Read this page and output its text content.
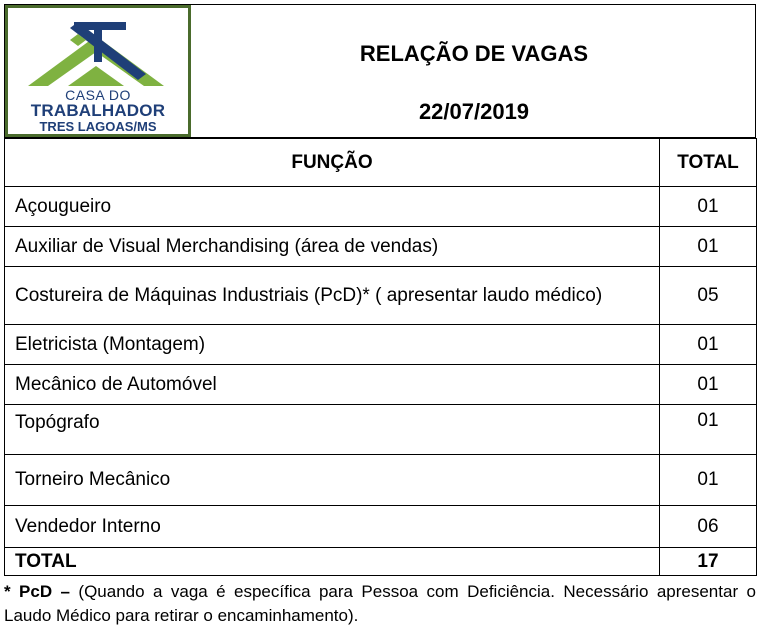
CASA DO
TRABALHADOR
TRES LAGOAS/MS
RELAÇÃO DE VAGAS
22/07/2019
FUNÇÃO	TOTAL
Açougueiro	01
Auxiliar de Visual Merchandising (área de vendas)	01
Costureira de Máquinas Industriais (PcD)* ( apresentar laudo médico)	05
Eletricista (Montagem)	01
Mecânico de Automóvel	01
Topógrafo	01
Torneiro Mecânico	01
Vendedor Interno	06
TOTAL	17
* PcD – (Quando a vaga é específica para Pessoa com Deficiência. Necessário apresentar o Laudo Médico para retirar o encaminhamento).
